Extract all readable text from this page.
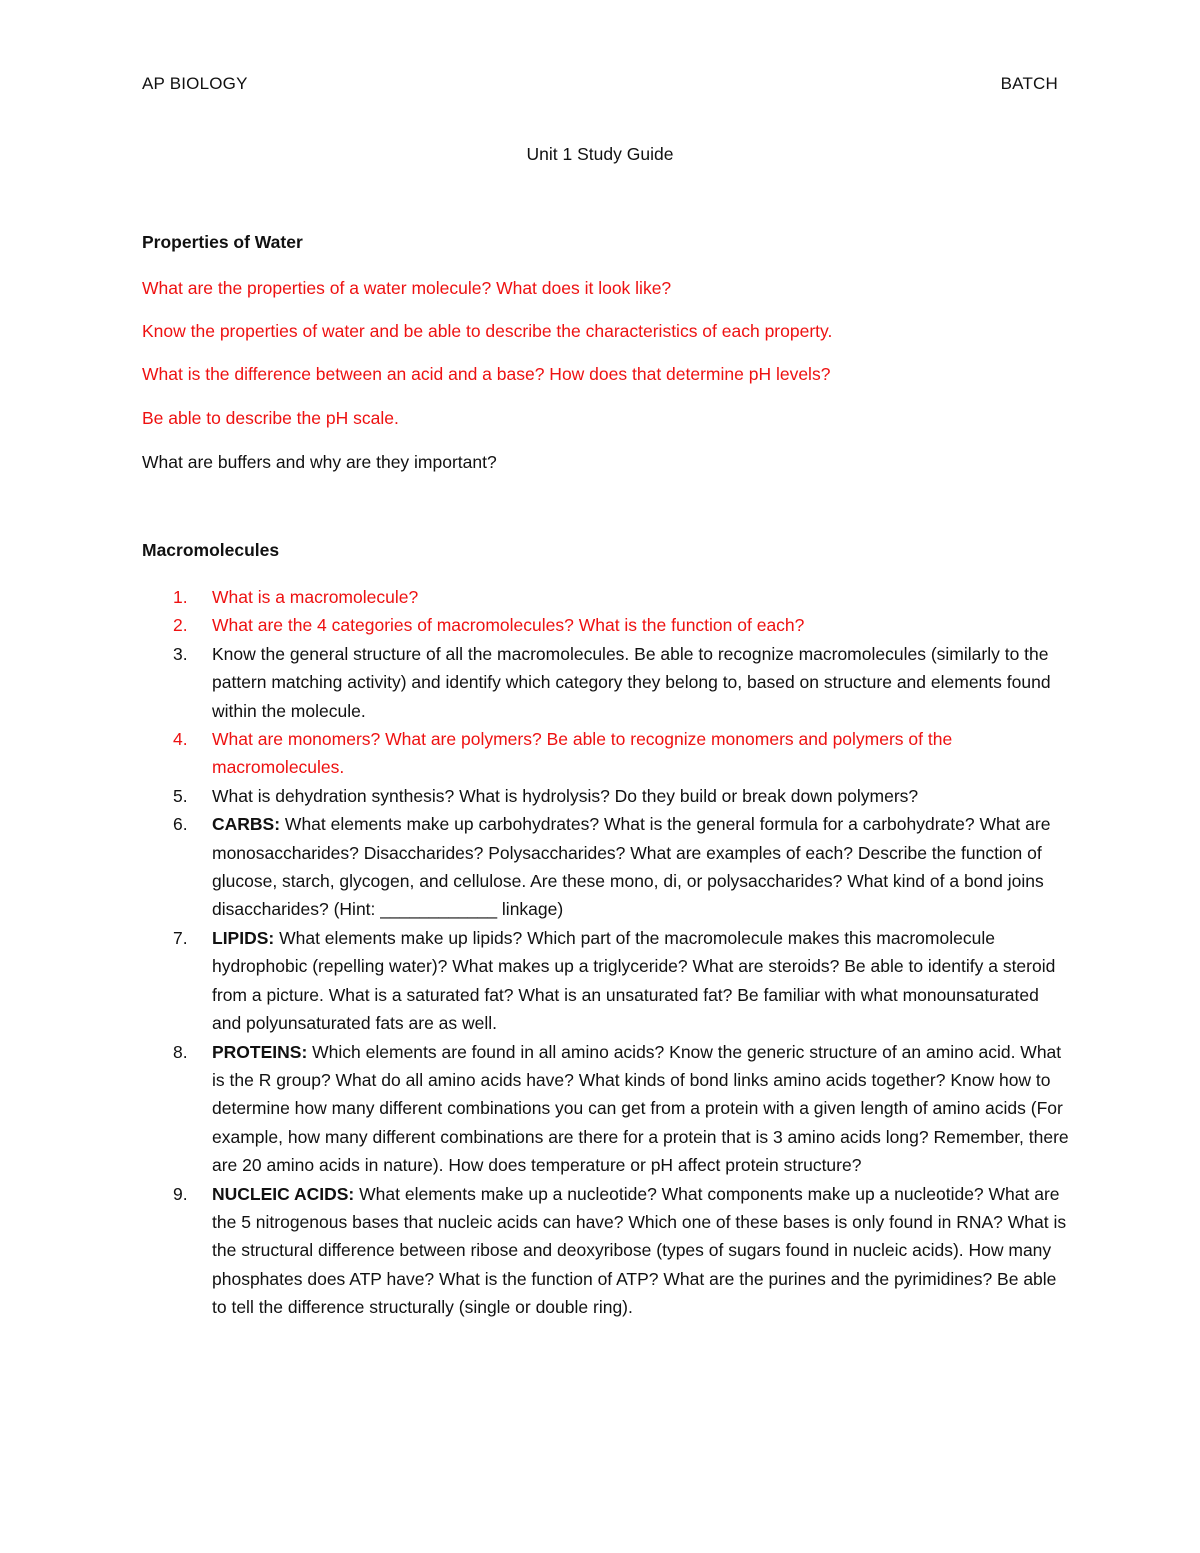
AP BIOLOGY	BATCH
Unit 1 Study Guide
Properties of Water
What are the properties of a water molecule? What does it look like?
Know the properties of water and be able to describe the characteristics of each property.
What is the difference between an acid and a base? How does that determine pH levels?
Be able to describe the pH scale.
What are buffers and why are they important?
Macromolecules
1. What is a macromolecule?
2. What are the 4 categories of macromolecules? What is the function of each?
3. Know the general structure of all the macromolecules. Be able to recognize macromolecules (similarly to the pattern matching activity) and identify which category they belong to, based on structure and elements found within the molecule.
4. What are monomers? What are polymers? Be able to recognize monomers and polymers of the macromolecules.
5. What is dehydration synthesis? What is hydrolysis? Do they build or break down polymers?
6. CARBS: What elements make up carbohydrates? What is the general formula for a carbohydrate? What are monosaccharides? Disaccharides? Polysaccharides? What are examples of each? Describe the function of glucose, starch, glycogen, and cellulose. Are these mono, di, or polysaccharides? What kind of a bond joins disaccharides? (Hint: ____________ linkage)
7. LIPIDS: What elements make up lipids? Which part of the macromolecule makes this macromolecule hydrophobic (repelling water)? What makes up a triglyceride? What are steroids? Be able to identify a steroid from a picture. What is a saturated fat? What is an unsaturated fat? Be familiar with what monounsaturated and polyunsaturated fats are as well.
8. PROTEINS: Which elements are found in all amino acids? Know the generic structure of an amino acid. What is the R group? What do all amino acids have? What kinds of bond links amino acids together? Know how to determine how many different combinations you can get from a protein with a given length of amino acids (For example, how many different combinations are there for a protein that is 3 amino acids long? Remember, there are 20 amino acids in nature). How does temperature or pH affect protein structure?
9. NUCLEIC ACIDS: What elements make up a nucleotide? What components make up a nucleotide? What are the 5 nitrogenous bases that nucleic acids can have? Which one of these bases is only found in RNA? What is the structural difference between ribose and deoxyribose (types of sugars found in nucleic acids). How many phosphates does ATP have? What is the function of ATP? What are the purines and the pyrimidines? Be able to tell the difference structurally (single or double ring).
